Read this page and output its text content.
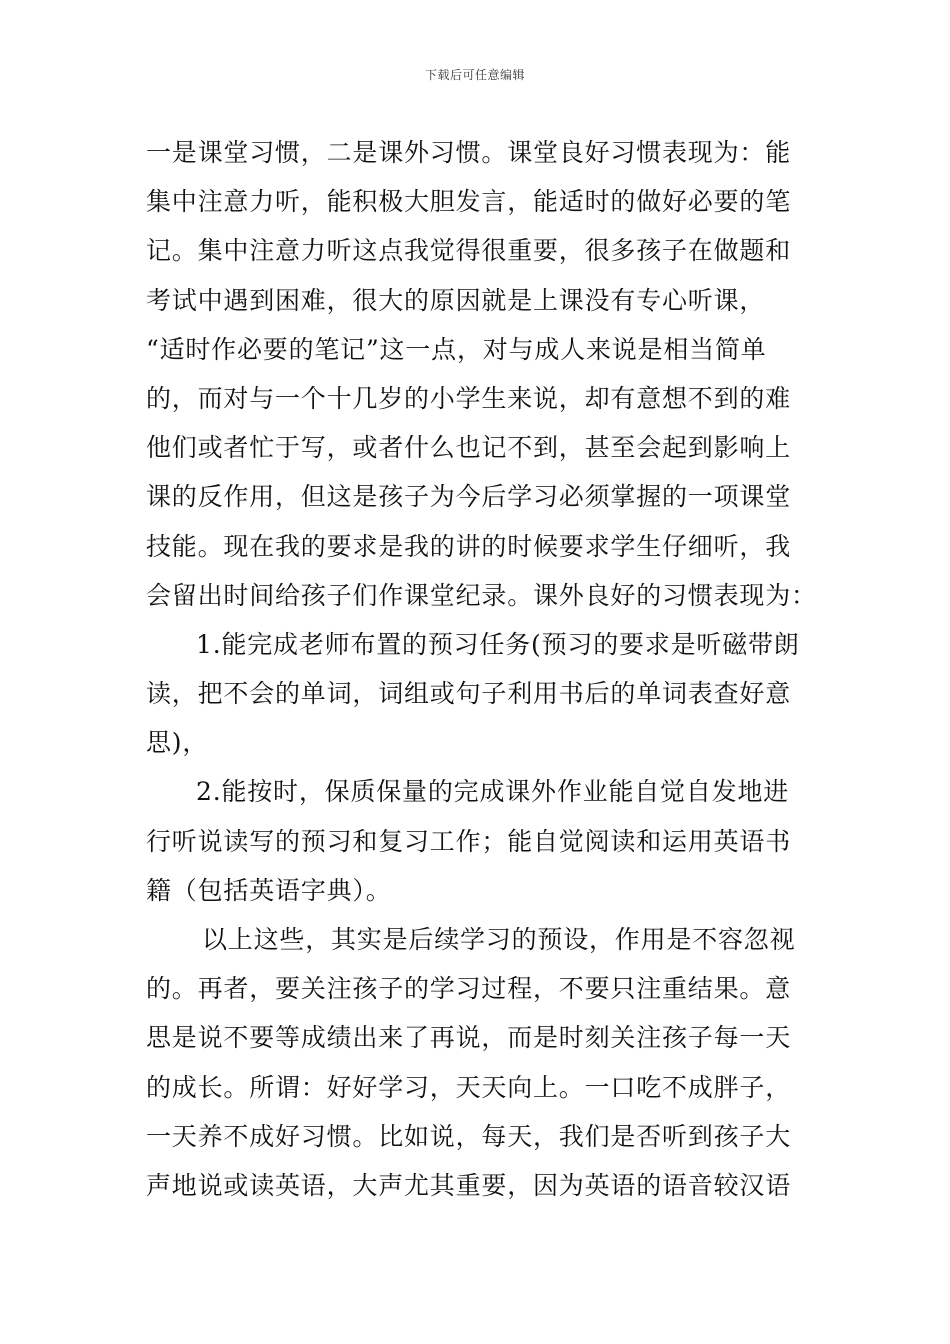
下载后可任意编辑
一是课堂习惯，二是课外习惯。课堂良好习惯表现为：能
集中注意力听，能积极大胆发言，能适时的做好必要的笔
记。集中注意力听这点我觉得很重要，很多孩子在做题和
考试中遇到困难，很大的原因就是上课没有专心听课，
“适时作必要的笔记”这一点，对与成人来说是相当简单
的，而对与一个十几岁的小学生来说，却有意想不到的难
他们或者忙于写，或者什么也记不到，甚至会起到影响上
课的反作用，但这是孩子为今后学习必须掌握的一项课堂
技能。现在我的要求是我的讲的时候要求学生仔细听，我
会留出时间给孩子们作课堂纪录。课外良好的习惯表现为：
1.能完成老师布置的预习任务(预习的要求是听磁带朗
读，把不会的单词，词组或句子利用书后的单词表查好意
思)，
2.能按时，保质保量的完成课外作业能自觉自发地进
行听说读写的预习和复习工作；能自觉阅读和运用英语书
籍（包括英语字典）。
以上这些，其实是后续学习的预设，作用是不容忽视
的。再者，要关注孩子的学习过程，不要只注重结果。意
思是说不要等成绩出来了再说，而是时刻关注孩子每一天
的成长。所谓：好好学习，天天向上。一口吃不成胖子，
一天养不成好习惯。比如说，每天，我们是否听到孩子大
声地说或读英语，大声尤其重要，因为英语的语音较汉语
